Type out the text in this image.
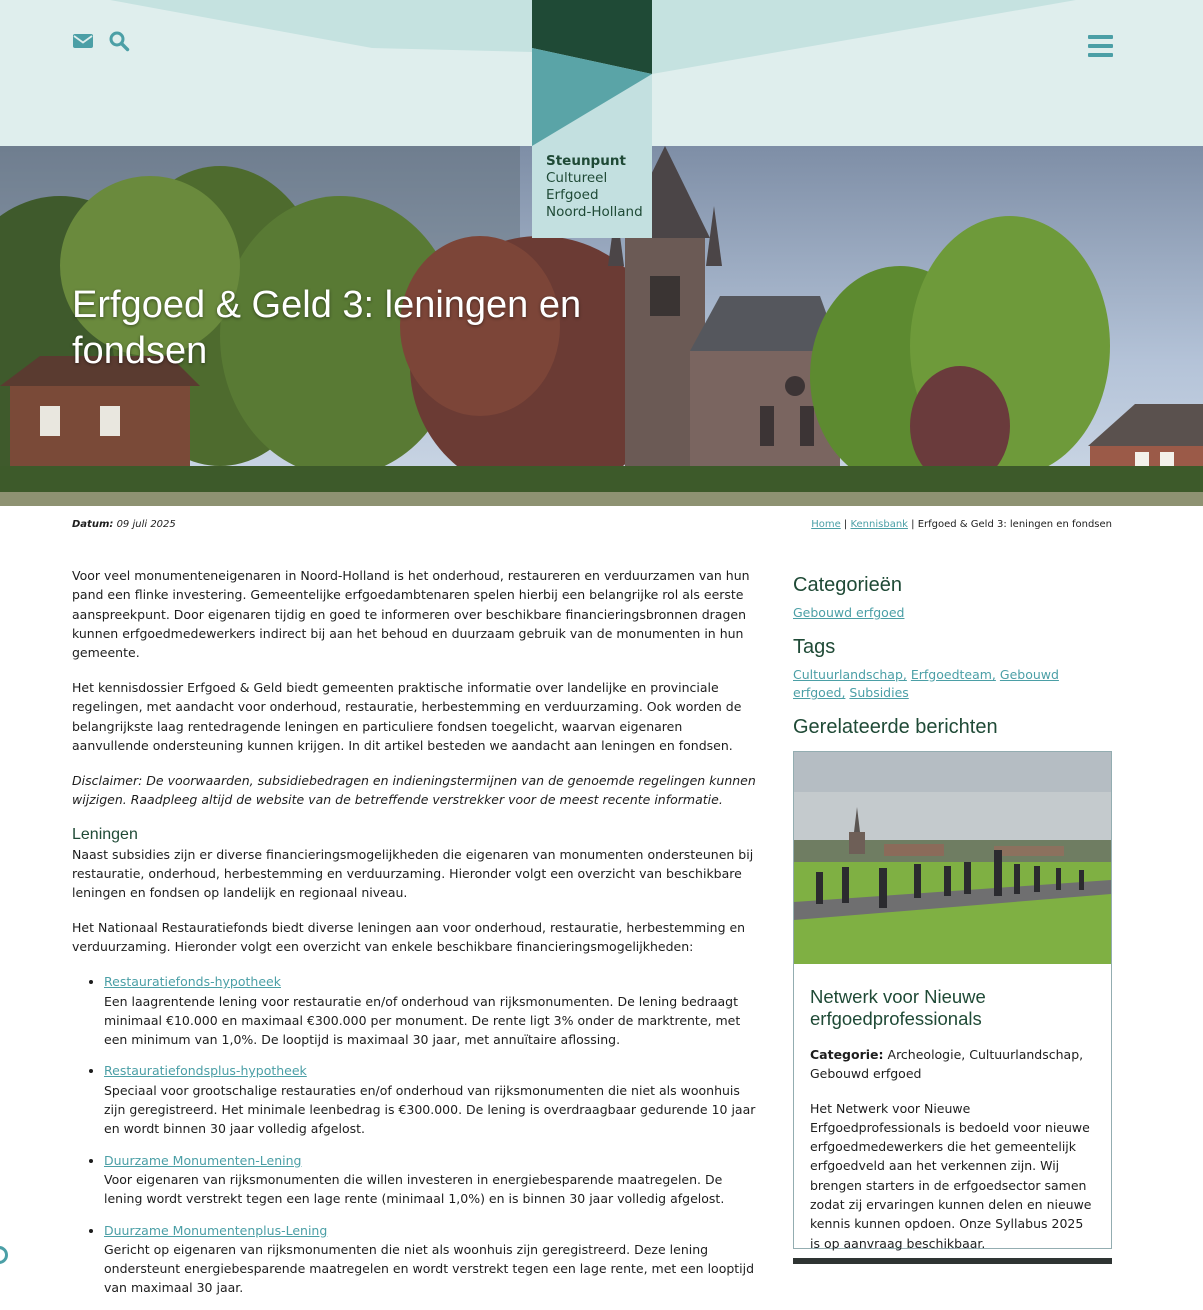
Steunpunt
Cultureel
Erfgoed
Noord-Holland
Erfgoed & Geld 3: leningen en fondsen
Datum: 09 juli 2025	Home | Kennisbank | Erfgoed & Geld 3: leningen en fondsen

Voor veel monumenteneigenaren in Noord-Holland is het onderhoud, restaureren en verduurzamen van hun pand een flinke investering. Gemeentelijke erfgoedambtenaren spelen hierbij een belangrijke rol als eerste aanspreekpunt. Door eigenaren tijdig en goed te informeren over beschikbare financieringsbronnen dragen kunnen erfgoedmedewerkers indirect bij aan het behoud en duurzaam gebruik van de monumenten in hun gemeente.

Het kennisdossier Erfgoed & Geld biedt gemeenten praktische informatie over landelijke en provinciale regelingen, met aandacht voor onderhoud, restauratie, herbestemming en verduurzaming. Ook worden de belangrijkste laag rentedragende leningen en particuliere fondsen toegelicht, waarvan eigenaren aanvullende ondersteuning kunnen krijgen. In dit artikel besteden we aandacht aan leningen en fondsen.

Disclaimer: De voorwaarden, subsidiebedragen en indieningstermijnen van de genoemde regelingen kunnen wijzigen. Raadpleeg altijd de website van de betreffende verstrekker voor de meest recente informatie.

Leningen

Naast subsidies zijn er diverse financieringsmogelijkheden die eigenaren van monumenten ondersteunen bij restauratie, onderhoud, herbestemming en verduurzaming. Hieronder volgt een overzicht van beschikbare leningen en fondsen op landelijk en regionaal niveau.

Het Nationaal Restauratiefonds biedt diverse leningen aan voor onderhoud, restauratie, herbestemming en verduurzaming. Hieronder volgt een overzicht van enkele beschikbare financieringsmogelijkheden:

• Restauratiefonds-hypotheek
Een laagrentende lening voor restauratie en/of onderhoud van rijksmonumenten. De lening bedraagt minimaal €10.000 en maximaal €300.000 per monument. De rente ligt 3% onder de marktrente, met een minimum van 1,0%. De looptijd is maximaal 30 jaar, met annuïtaire aflossing.
• Restauratiefondsplus-hypotheek
Speciaal voor grootschalige restauraties en/of onderhoud van rijksmonumenten die niet als woonhuis zijn geregistreerd. Het minimale leenbedrag is €300.000. De lening is overdraagbaar gedurende 10 jaar en wordt binnen 30 jaar volledig afgelost.
• Duurzame Monumenten-Lening
Voor eigenaren van rijksmonumenten die willen investeren in energiebesparende maatregelen. De lening wordt verstrekt tegen een lage rente (minimaal 1,0%) en is binnen 30 jaar volledig afgelost.
• Duurzame Monumentenplus-Lening
Gericht op eigenaren van rijksmonumenten die niet als woonhuis zijn geregistreerd. Deze lening ondersteunt energiebesparende maatregelen en wordt verstrekt tegen een lage rente, met een looptijd van maximaal 30 jaar.
Categorieën
Gebouwd erfgoed
Tags
Cultuurlandschap, Erfgoedteam, Gebouwd erfgoed, Subsidies
Gerelateerde berichten
Netwerk voor Nieuwe erfgoedprofessionals

Categorie: Archeologie, Cultuurlandschap, Gebouwd erfgoed

Het Netwerk voor Nieuwe Erfgoedprofessionals is bedoeld voor nieuwe erfgoedmedewerkers die het gemeentelijk erfgoedveld aan het verkennen zijn. Wij brengen starters in de erfgoedsector samen zodat zij ervaringen kunnen delen en nieuwe kennis kunnen opdoen. Onze Syllabus 2025 is op aanvraag beschikbaar.
